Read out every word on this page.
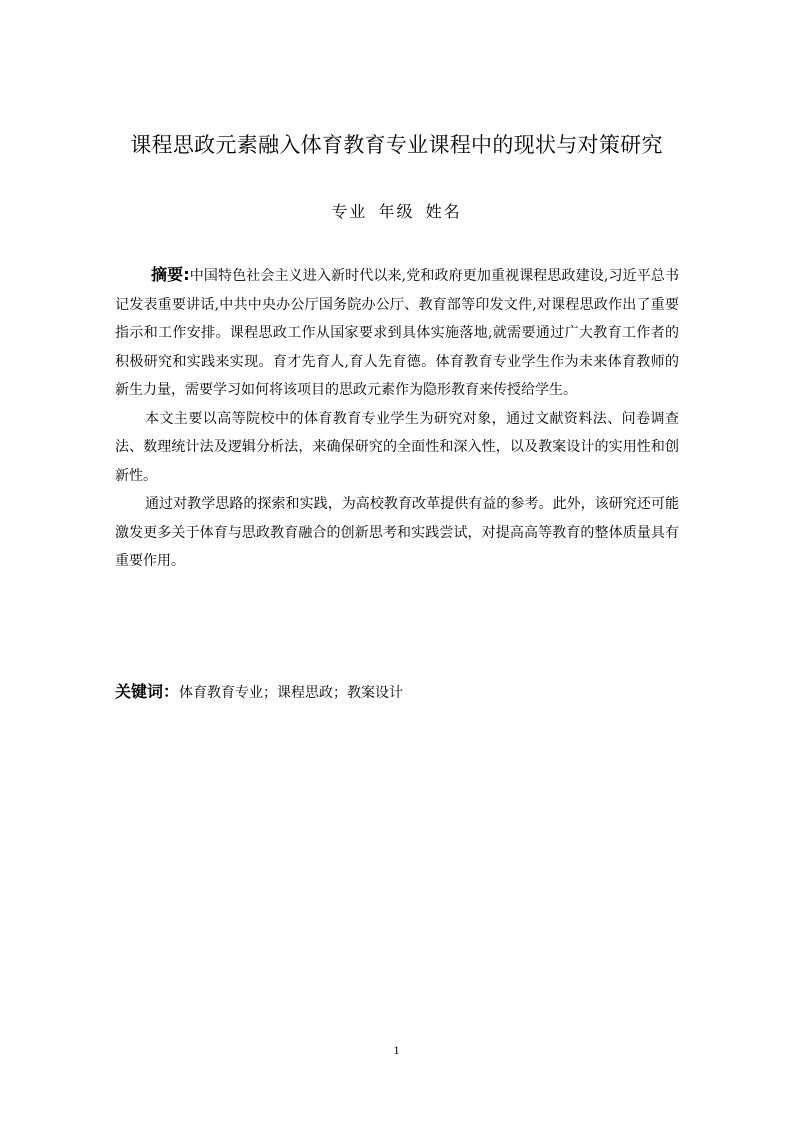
课程思政元素融入体育教育专业课程中的现状与对策研究
专业 年级 姓名

摘要:中国特色社会主义进入新时代以来,党和政府更加重视课程思政建设,习近平总书记发表重要讲话,中共中央办公厅国务院办公厅、教育部等印发文件,对课程思政作出了重要指示和工作安排。课程思政工作从国家要求到具体实施落地,就需要通过广大教育工作者的积极研究和实践来实现。育才先育人,育人先育德。体育教育专业学生作为未来体育教师的新生力量，需要学习如何将该项目的思政元素作为隐形教育来传授给学生。

本文主要以高等院校中的体育教育专业学生为研究对象，通过文献资料法、问卷调查法、数理统计法及逻辑分析法，来确保研究的全面性和深入性，以及教案设计的实用性和创新性。

通过对教学思路的探索和实践，为高校教育改革提供有益的参考。此外，该研究还可能激发更多关于体育与思政教育融合的创新思考和实践尝试，对提高高等教育的整体质量具有重要作用。

关键词：体育教育专业；课程思政；教案设计
1
